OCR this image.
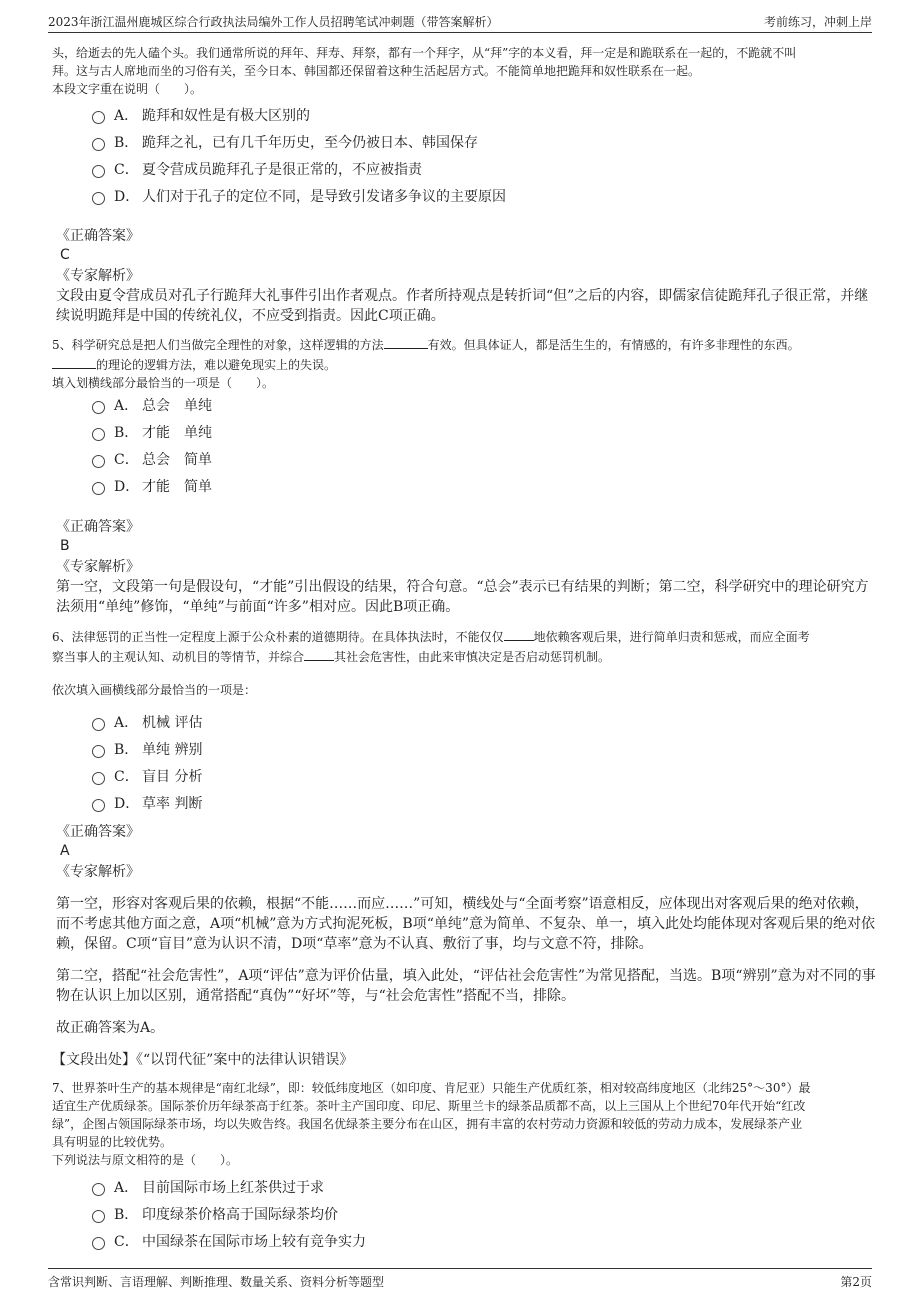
2023年浙江温州鹿城区综合行政执法局编外工作人员招聘笔试冲刺题（带答案解析）	考前练习，冲刺上岸

头，给逝去的先人磕个头。我们通常所说的拜年、拜寿、拜祭，都有一个拜字，从“拜”字的本义看，拜一定是和跪联系在一起的，不跪就不叫

拜。这与古人席地而坐的习俗有关，至今日本、韩国都还保留着这种生活起居方式。不能简单地把跪拜和奴性联系在一起。

本段文字重在说明（　　）。

A． 跪拜和奴性是有极大区别的
B． 跪拜之礼，已有几千年历史，至今仍被日本、韩国保存
C． 夏令营成员跪拜孔子是很正常的，不应被指责
D． 人们对于孔子的定位不同，是导致引发诸多争议的主要原因

《正确答案》

C

《专家解析》

文段由夏令营成员对孔子行跪拜大礼事件引出作者观点。作者所持观点是转折词“但”之后的内容，即儒家信徒跪拜孔子很正常，并继续说明跪拜是中国的传统礼仪，不应受到指责。因此C项正确。

5、科学研究总是把人们当做完全理性的对象，这样逻辑的方法	有效。但具体证人，都是活生生的，有情感的，有许多非理性的东西。

的理论的逻辑方法，难以避免现实上的失误。

填入划横线部分最恰当的一项是（　　）。

A． 总会　单纯
B． 才能　单纯
C． 总会　简单
D． 才能　简单

《正确答案》

B

《专家解析》

第一空，文段第一句是假设句，“才能”引出假设的结果，符合句意。“总会”表示已有结果的判断；第二空，科学研究中的理论研究方法须用“单纯”修饰，“单纯”与前面“许多”相对应。因此B项正确。

6、法律惩罚的正当性一定程度上源于公众朴素的道德期待。在具体执法时，不能仅仅	地依赖客观后果，进行简单归责和惩戒，而应全面考

察当事人的主观认知、动机目的等情节，并综合	其社会危害性，由此来审慎决定是否启动惩罚机制。

依次填入画横线部分最恰当的一项是：

A． 机械 评估
B． 单纯 辨别
C． 盲目 分析
D． 草率 判断

《正确答案》

A

《专家解析》

第一空，形容对客观后果的依赖，根据“不能……而应……”可知，横线处与“全面考察”语意相反，应体现出对客观后果的绝对依赖，而不考虑其他方面之意，A项“机械”意为方式拘泥死板，B项“单纯”意为简单、不复杂、单一，填入此处均能体现对客观后果的绝对依赖，保留。C项“盲目”意为认识不清，D项“草率”意为不认真、敷衍了事，均与文意不符，排除。

第二空，搭配“社会危害性”，A项“评估”意为评价估量，填入此处，“评估社会危害性”为常见搭配，当选。B项“辨别”意为对不同的事物在认识上加以区别，通常搭配“真伪”“好坏”等，与“社会危害性”搭配不当，排除。

故正确答案为A。

【文段出处】《“以罚代征”案中的法律认识错误》

7、世界茶叶生产的基本规律是“南红北绿”，即：较低纬度地区（如印度、肯尼亚）只能生产优质红茶，相对较高纬度地区（北纬25°～30°）最

适宜生产优质绿茶。国际茶价历年绿茶高于红茶。茶叶主产国印度、印尼、斯里兰卡的绿茶品质都不高，以上三国从上个世纪70年代开始“红改

绿”，企图占领国际绿茶市场，均以失败告终。我国名优绿茶主要分布在山区，拥有丰富的农村劳动力资源和较低的劳动力成本，发展绿茶产业

具有明显的比较优势。

下列说法与原文相符的是（　　）。

A． 目前国际市场上红茶供过于求
B． 印度绿茶价格高于国际绿茶均价
C． 中国绿茶在国际市场上较有竞争实力
含常识判断、言语理解、判断推理、数量关系、资料分析等题型	第2页
